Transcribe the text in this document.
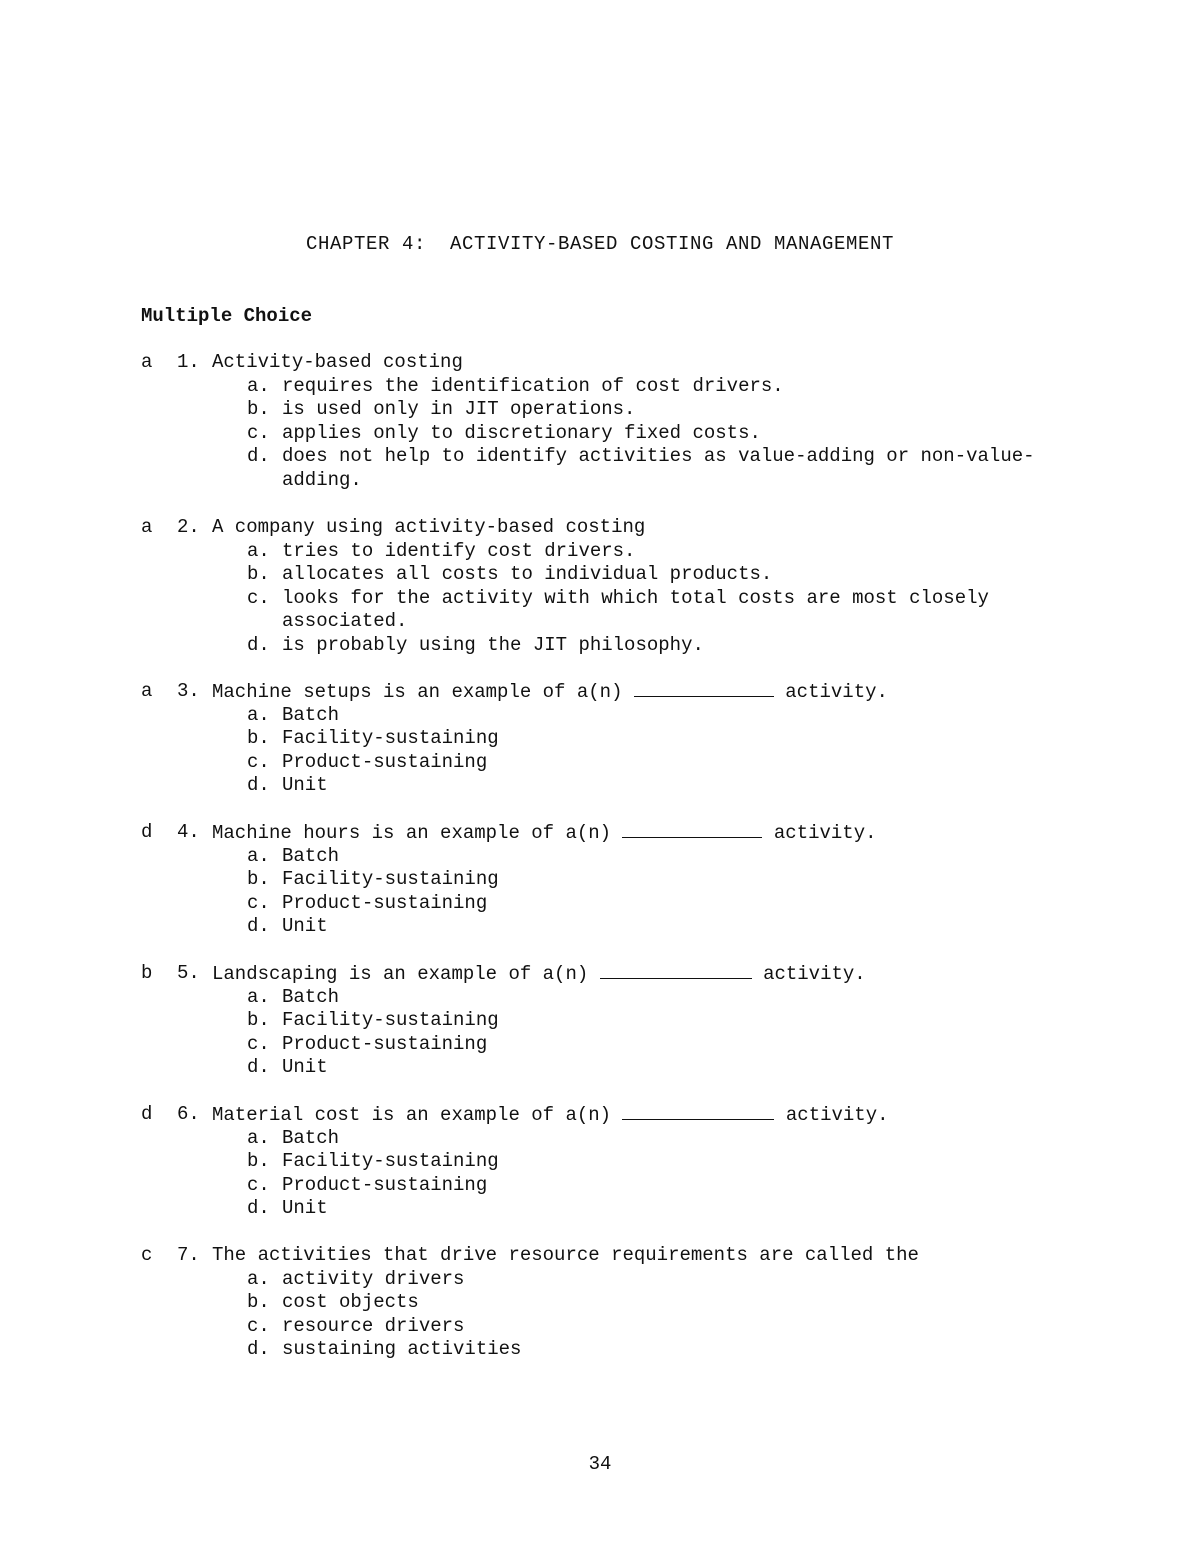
CHAPTER 4:  ACTIVITY-BASED COSTING AND MANAGEMENT
Multiple Choice

a

1.

Activity-based costing

a. requires the identification of cost drivers.
b. is used only in JIT operations.
c. applies only to discretionary fixed costs.
d. does not help to identify activities as value-adding or non-value-adding.

a

2.

A company using activity-based costing

a. tries to identify cost drivers.
b. allocates all costs to individual products.
c. looks for the activity with which total costs are most closely associated.
d. is probably using the JIT philosophy.

a

3.

Machine setups is an example of a(n)	activity.

a. Batch
b. Facility-sustaining
c. Product-sustaining
d. Unit

d

4.

Machine hours is an example of a(n)	activity.

a. Batch
b. Facility-sustaining
c. Product-sustaining
d. Unit

b

5.

Landscaping is an example of a(n)	activity.

a. Batch
b. Facility-sustaining
c. Product-sustaining
d. Unit

d

6.

Material cost is an example of a(n)	activity.

a. Batch
b. Facility-sustaining
c. Product-sustaining
d. Unit

c

7.

The activities that drive resource requirements are called the

a. activity drivers
b. cost objects
c. resource drivers
d. sustaining activities
34
